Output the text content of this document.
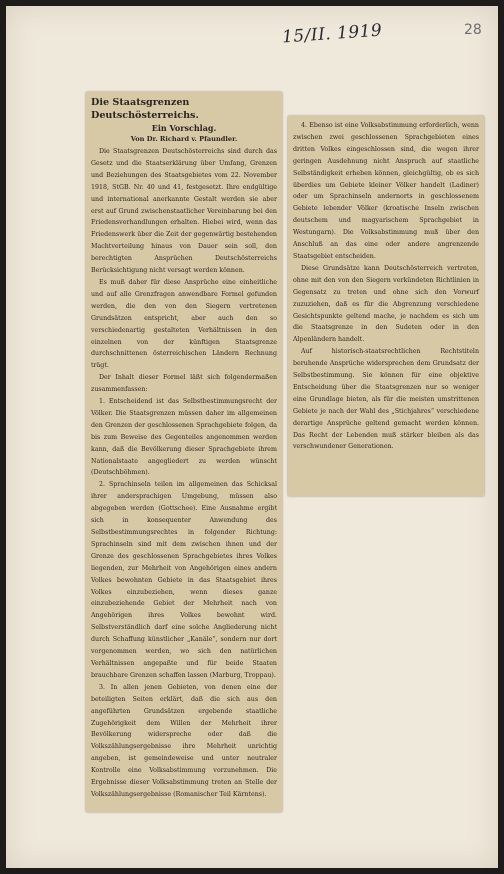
15/II. 1919	28
Die Staatsgrenzen Deutschösterreichs.
Ein Vorschlag.
Von Dr. Richard v. Pfaundler.

Die Staatsgrenzen Deutschösterreichs sind durch das Gesetz und die Staatserklärung über Umfang, Grenzen und Beziehungen des Staatsgebietes vom 22. November 1918, StGB. Nr. 40 und 41, festgesetzt. Ihre endgültige und international anerkannte Gestalt werden sie aber erst auf Grund zwischenstaatlicher Vereinbarung bei den Friedensverhandlungen erhalten. Hiebei wird, wenn das Friedenswerk über die Zeit der gegenwärtig bestehenden Machtverteilung hinaus von Dauer sein soll, den berechtigten Ansprüchen Deutschösterreichs Berücksichtigung nicht versagt werden können.

Es muß daher für diese Ansprüche eine einheitliche und auf alle Grenzfragen anwendbare Formel gefunden werden, die den von den Siegern vertretenen Grundsätzen entspricht, aber auch den so verschiedenartig gestalteten Verhältnissen in den einzelnen von der künftigen Staatsgrenze durchschnittenen österreichischen Ländern Rechnung trägt.

Der Inhalt dieser Formel läßt sich folgendermaßen zusammenfassen:

1. Entscheidend ist das Selbstbestimmungsrecht der Völker. Die Staatsgrenzen müssen daher im allgemeinen den Grenzen der geschlossenen Sprachgebiete folgen, da bis zum Beweise des Gegenteiles angenommen werden kann, daß die Bevölkerung dieser Sprachgebiete ihrem Nationalstaate angegliedert zu werden wünscht (Deutschböhmen).

2. Sprachinseln teilen im allgemeinen das Schicksal ihrer andersprachigen Umgebung, müssen also abgegeben werden (Gottschee). Eine Ausnahme ergibt sich in konsequenter Anwendung des Selbstbestimmungsrechtes in folgender Richtung: Sprachinseln sind mit dem zwischen ihnen und der Grenze des geschlossenen Sprachgebietes ihres Volkes liegenden, zur Mehrheit von Angehörigen eines andern Volkes bewohnten Gebiete in das Staatsgebiet ihres Volkes einzubeziehen, wenn dieses ganze einzubeziehende Gebiet der Mehrheit nach von Angehörigen ihres Volkes bewohnt wird. Selbstverständlich darf eine solche Angliederung nicht durch Schaffung künstlicher „Kanäle“, sondern nur dort vorgenommen werden, wo sich den natürlichen Verhältnissen angepaßte und für beide Staaten brauchbare Grenzen schaffen lassen (Marburg, Troppau).

3. In allen jenen Gebieten, von denen eine der beteiligten Seiten erklärt, daß die sich aus den angeführten Grundsätzen ergebende staatliche Zugehörigkeit dem Willen der Mehrheit ihrer Bevölkerung widerspreche oder daß die Volkszählungsergebnisse ihre Mehrheit unrichtig angeben, ist gemeindeweise und unter neutraler Kontrolle eine Volksabstimmung vorzunehmen. Die Ergebnisse dieser Volksabstimmung treten an Stelle der Volkszählungsergebnisse (Romanischer Teil Kärntens).

4. Ebenso ist eine Volksabstimmung erforderlich, wenn zwischen zwei geschlossenen Sprachgebieten eines dritten Volkes eingeschlossen sind, die wegen ihrer geringen Ausdehnung nicht Anspruch auf staatliche Selbständigkeit erheben können, gleichgültig, ob es sich überdies um Gebiete kleiner Völker handelt (Ladiner) oder um Sprachinseln andernorts in geschlossenem Gebiete lebender Völker (kroatische Inseln zwischen deutschem und magyarischem Sprachgebiet in Westungarn). Die Volksabstimmung muß über den Anschluß an das eine oder andere angrenzende Staatsgebiet entscheiden.

Diese Grundsätze kann Deutschösterreich vertreten, ohne mit den von den Siegern verkündeten Richtlinien in Gegensatz zu treten und ohne sich den Vorwurf zuzuziehen, daß es für die Abgrenzung verschiedene Gesichtspunkte geltend mache, je nachdem es sich um die Staatsgrenze in den Sudeten oder in den Alpenländern handelt.

Auf historisch-staatsrechtlichen Rechtstiteln beruhende Ansprüche widersprechen dem Grundsatz der Selbstbestimmung. Sie können für eine objektive Entscheidung über die Staatsgrenzen nur so weniger eine Grundlage bieten, als für die meisten umstrittenen Gebiete je nach der Wahl des „Stichjahres“ verschiedene derartige Ansprüche geltend gemacht werden können. Das Recht der Lebenden muß stärker bleiben als das verschwundener Generationen.
